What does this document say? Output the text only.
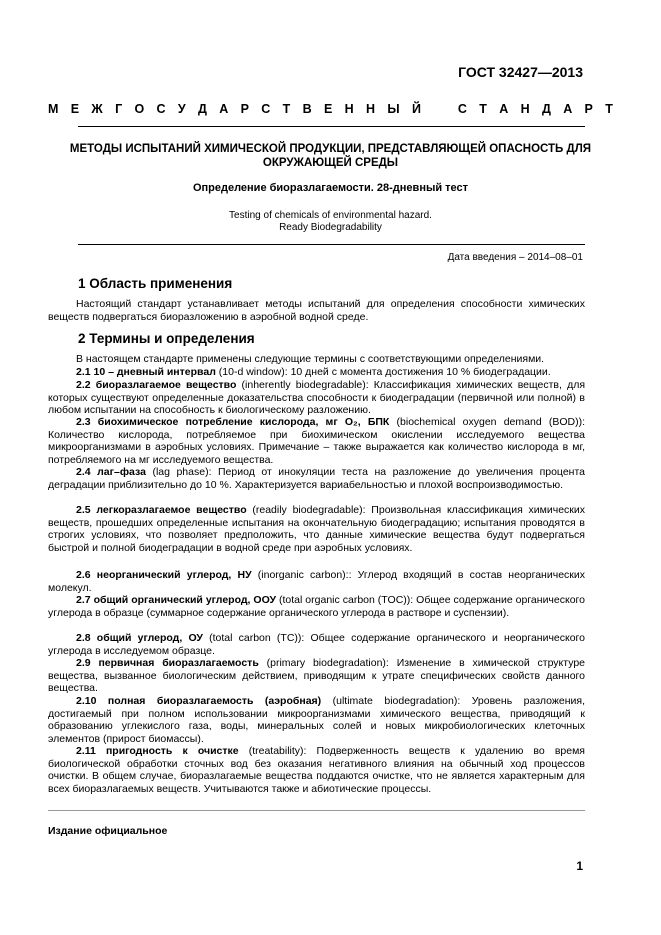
ГОСТ 32427—2013
М Е Ж Г О С У Д А Р С Т В Е Н Н Ы Й	С Т А Н Д А Р Т
МЕТОДЫ ИСПЫТАНИЙ ХИМИЧЕСКОЙ ПРОДУКЦИИ, ПРЕДСТАВЛЯЮЩЕЙ ОПАСНОСТЬ ДЛЯ
ОКРУЖАЮЩЕЙ СРЕДЫ
Определение биоразлагаемости. 28-дневный тест
Testing of chemicals of environmental hazard.
Ready Biodegradability
Дата введения – 2014–08–01
1 Область применения

Настоящий стандарт устанавливает методы испытаний для определения способности химических веществ подвергаться биоразложению в аэробной водной среде.

2 Термины и определения

В настоящем стандарте применены следующие термины с соответствующими определениями.

2.1 10 – дневный интервал (10-d window): 10 дней с момента достижения 10 % биодеградации.

2.2 биоразлагаемое вещество (inherently biodegradable): Классификация химических веществ, для которых существуют определенные доказательства способности к биодеградации (первичной или полной) в любом испытании на способность к биологическому разложению.

2.3 биохимическое потребление кислорода, мг O₂, БПК (biochemical oxygen demand (BOD)): Количество кислорода, потребляемое при биохимическом окислении исследуемого вещества микроорганизмами в аэробных условиях. Примечание – также выражается как количество кислорода в мг, потребляемого на мг исследуемого вещества.

2.4 лаг–фаза (lag phase): Период от инокуляции теста на разложение до увеличения процента деградации приблизительно до 10 %. Характеризуется вариабельностью и плохой воспроизводимостью.

2.5 легкоразлагаемое вещество (readily biodegradable): Произвольная классификация химических веществ, прошедших определенные испытания на окончательную биодеградацию; испытания проводятся в строгих условиях, что позволяет предположить, что данные химические вещества будут подвергаться быстрой и полной биодеградации в водной среде при аэробных условиях.

2.6 неорганический углерод, НУ (inorganic carbon):: Углерод входящий в состав неорганических молекул.

2.7 общий органический углерод, ООУ (total organic carbon (TOC)): Общее содержание органического углерода в образце (суммарное содержание органического углерода в растворе и суспензии).

2.8 общий углерод, ОУ (total carbon (TC)): Общее содержание органического и неорганического углерода в исследуемом образце.

2.9 первичная биоразлагаемость (primary biodegradation): Изменение в химической структуре вещества, вызванное биологическим действием, приводящим к утрате специфических свойств данного вещества.

2.10 полная биоразлагаемость (аэробная) (ultimate biodegradation): Уровень разложения, достигаемый при полном использовании микроорганизмами химического вещества, приводящий к образованию углекислого газа, воды, минеральных солей и новых микробиологических клеточных элементов (прирост биомассы).

2.11 пригодность к очистке (treatability): Подверженность веществ к удалению во время биологической обработки сточных вод без оказания негативного влияния на обычный ход процессов очистки. В общем случае, биоразлагаемые вещества поддаются очистке, что не является характерным для всех биоразлагаемых веществ. Учитываются также и абиотические процессы.

Издание официальное
1
